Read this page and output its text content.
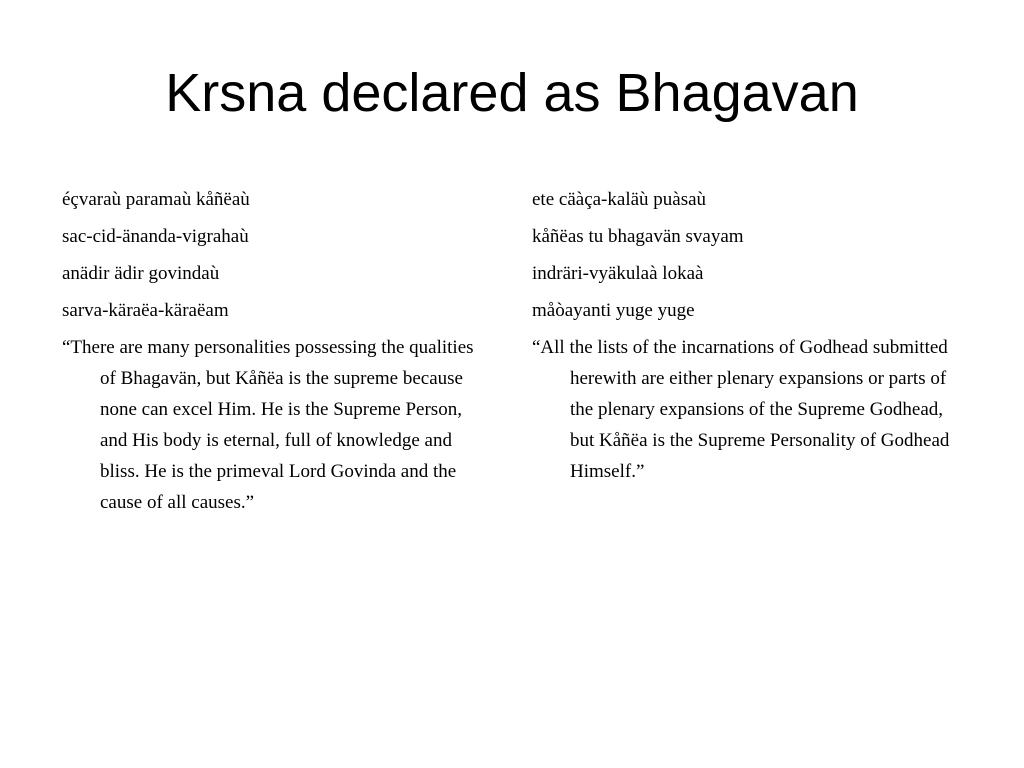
Krsna declared as Bhagavan

éçvaraù paramaù kåñëaù

sac-cid-änanda-vigrahaù

anädir ädir govindaù

sarva-käraëa-käraëam

“There are many personalities possessing the qualities of Bhagavän, but Kåñëa is the supreme because none can excel Him. He is the Supreme Person, and His body is eternal, full of knowledge and bliss. He is the primeval Lord Govinda and the cause of all causes.”

ete cäàça-kaläù puàsaù

kåñëas tu bhagavän svayam

indräri-vyäkulaà lokaà

måòayanti yuge yuge

“All the lists of the incarnations of Godhead submitted herewith are either plenary expansions or parts of the plenary expansions of the Supreme Godhead, but Kåñëa is the Supreme Personality of Godhead Himself.”
